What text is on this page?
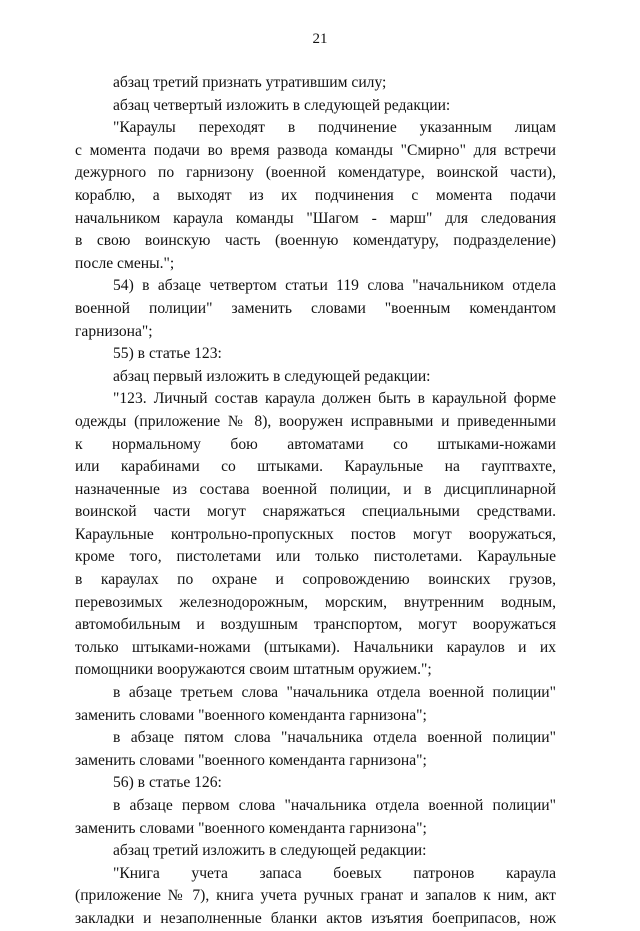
21
абзац третий признать утратившим силу;
абзац четвертый изложить в следующей редакции:
"Караулы переходят в подчинение указанным лицам
с момента подачи во время развода команды "Смирно" для встречи
дежурного по гарнизону (военной комендатуре, воинской части),
кораблю, а выходят из их подчинения с момента подачи
начальником караула команды "Шагом - марш" для следования
в свою воинскую часть (военную комендатуру, подразделение)
после смены.";
54) в абзаце четвертом статьи 119 слова "начальником отдела
военной полиции" заменить словами "военным комендантом
гарнизона";
55) в статье 123:
абзац первый изложить в следующей редакции:
"123. Личный состав караула должен быть в караульной форме
одежды (приложение № 8), вооружен исправными и приведенными
к нормальному бою автоматами со штыками-ножами
или карабинами со штыками. Караульные на гауптвахте,
назначенные из состава военной полиции, и в дисциплинарной
воинской части могут снаряжаться специальными средствами.
Караульные контрольно-пропускных постов могут вооружаться,
кроме того, пистолетами или только пистолетами. Караульные
в караулах по охране и сопровождению воинских грузов,
перевозимых железнодорожным, морским, внутренним водным,
автомобильным и воздушным транспортом, могут вооружаться
только штыками-ножами (штыками). Начальники караулов и их
помощники вооружаются своим штатным оружием.";
в абзаце третьем слова "начальника отдела военной полиции"
заменить словами "военного коменданта гарнизона";
в абзаце пятом слова "начальника отдела военной полиции"
заменить словами "военного коменданта гарнизона";
56) в статье 126:
в абзаце первом слова "начальника отдела военной полиции"
заменить словами "военного коменданта гарнизона";
абзац третий изложить в следующей редакции:
"Книга учета запаса боевых патронов караула
(приложение № 7), книга учета ручных гранат и запалов к ним, акт
закладки и незаполненные бланки актов изъятия боеприпасов, нож
